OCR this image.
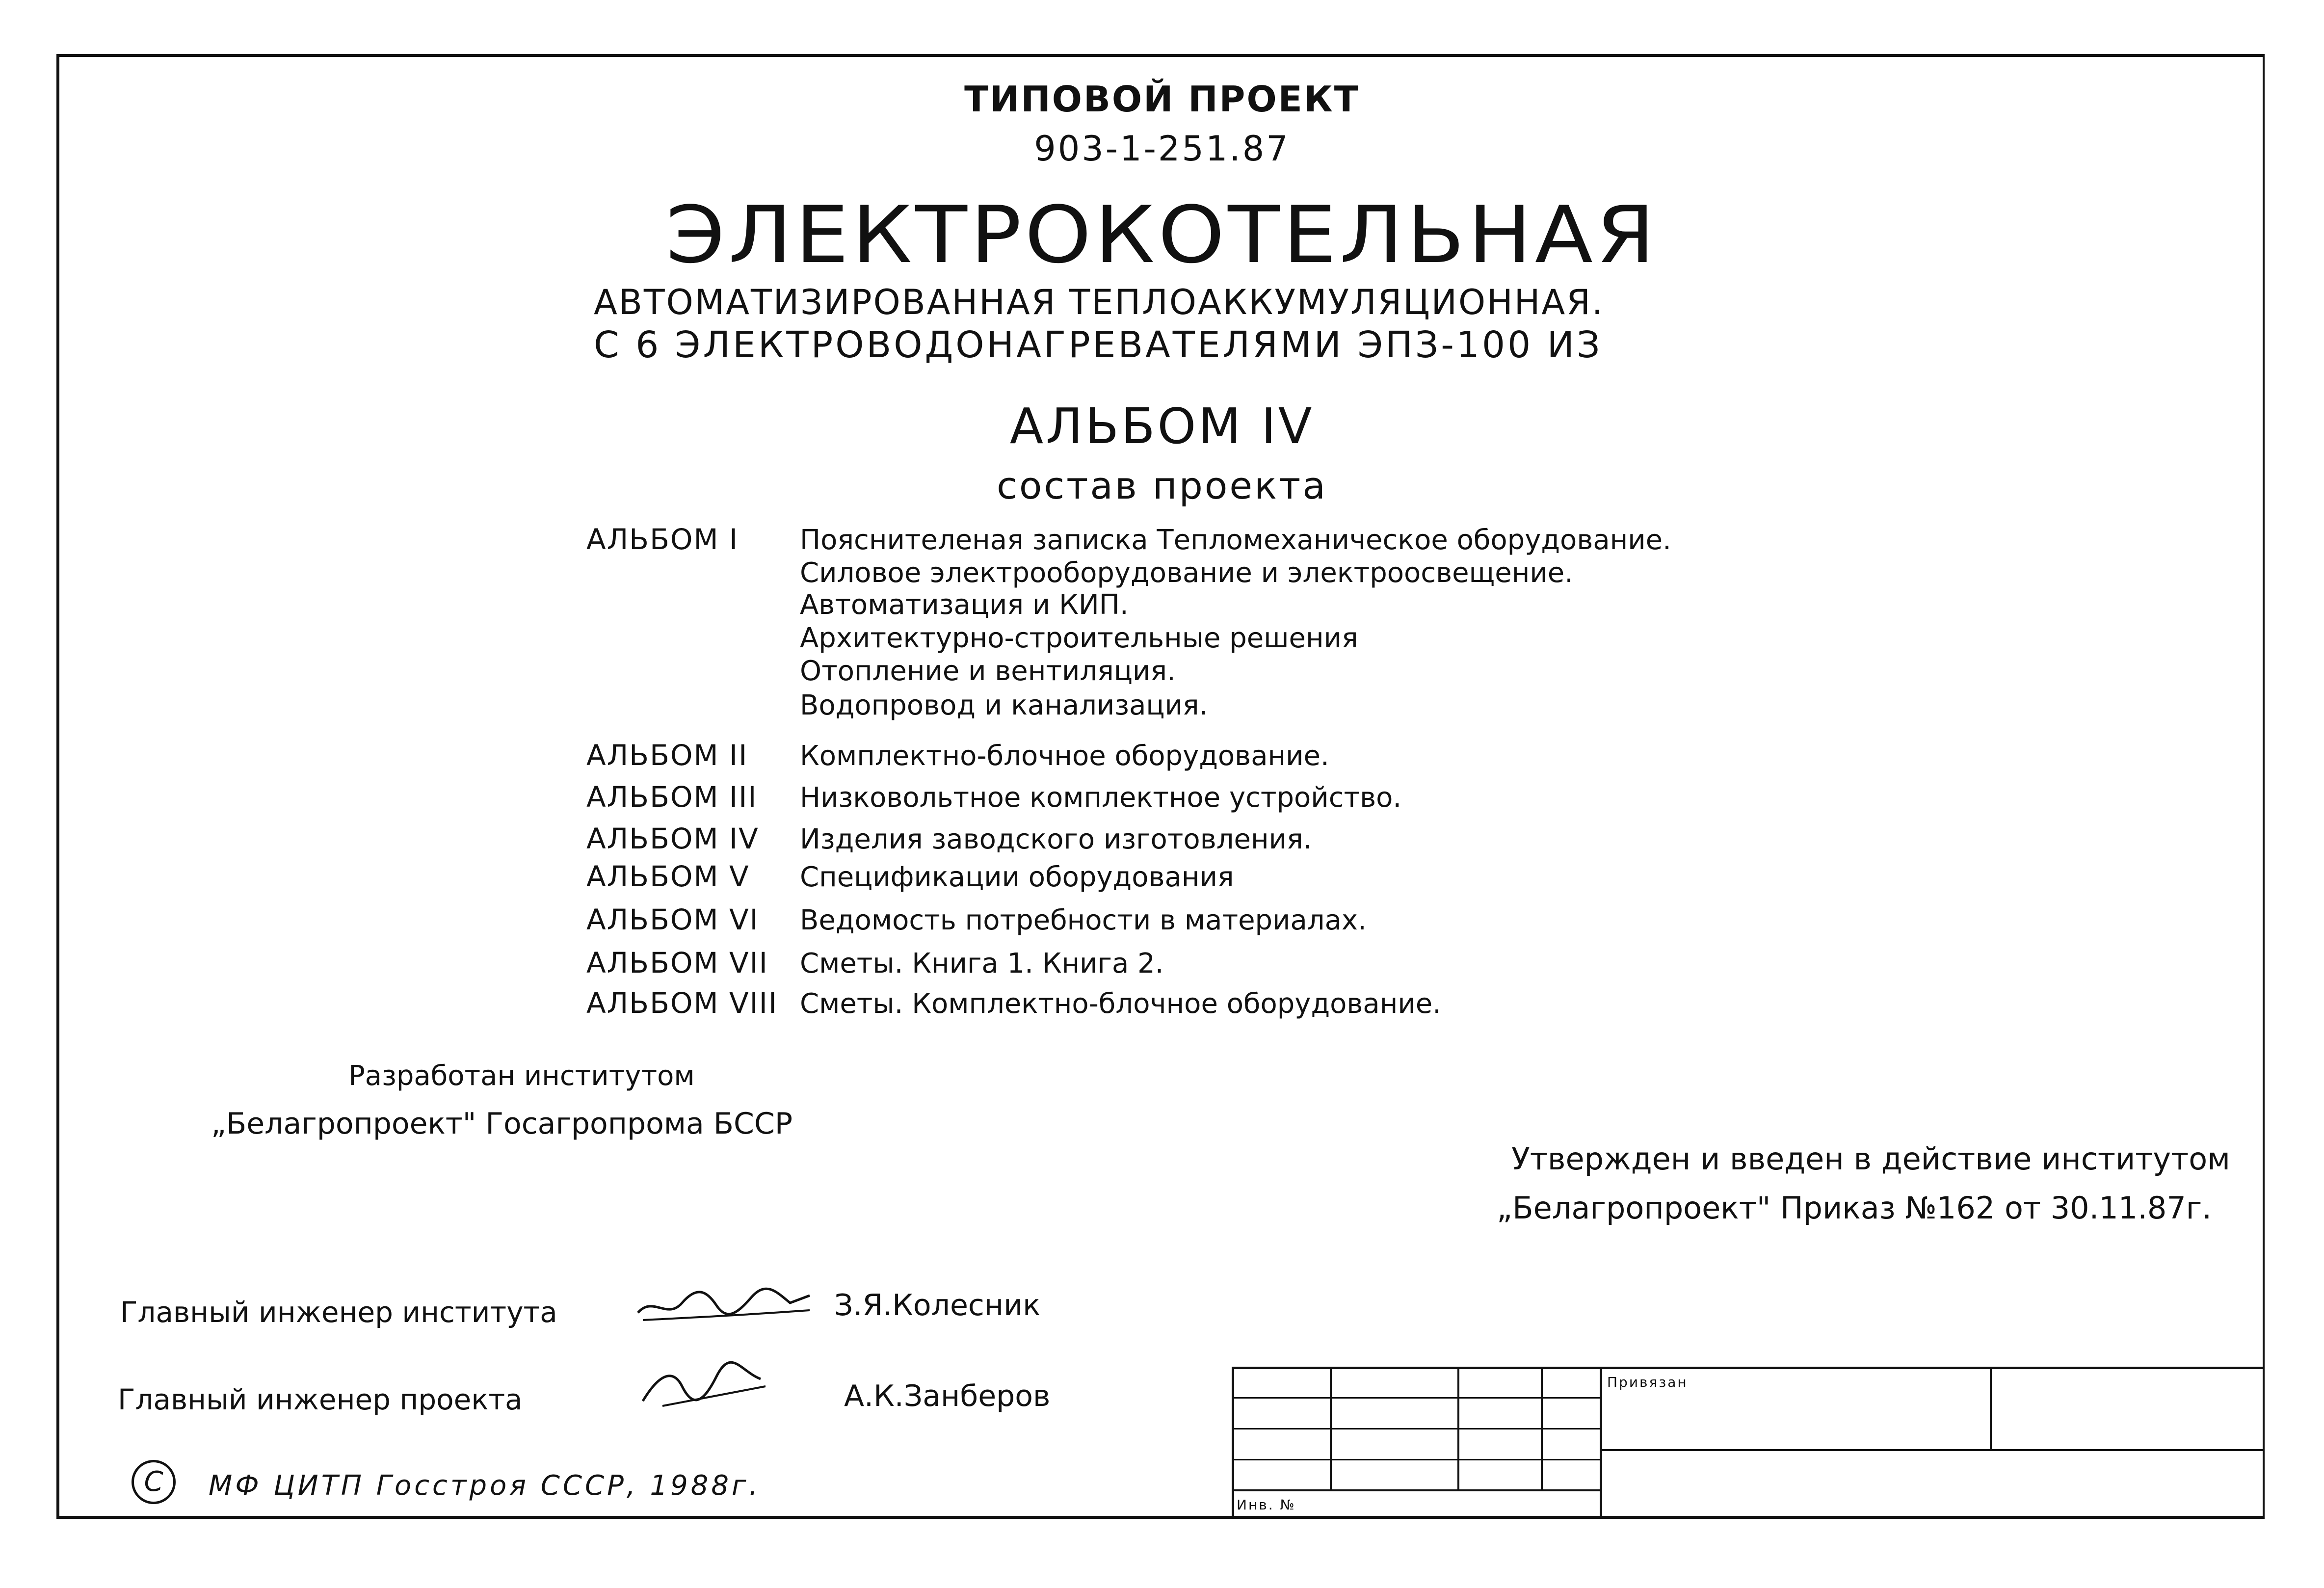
ТИПОВОЙ ПРОЕКТ
903-1-251.87
ЭЛЕКТРОКОТЕЛЬНАЯ
АВТОМАТИЗИРОВАННАЯ ТЕПЛОАККУМУЛЯЦИОННАЯ.
С 6 ЭЛЕКТРОВОДОНАГРЕВАТЕЛЯМИ ЭПЗ-100 ИЗ
АЛЬБОМ IV
состав проекта
АЛЬБОМ I Пояснителеная записка Тепломеханическое оборудование.
Силовое электрооборудование и электроосвещение.
Автоматизация и КИП.
Архитектурно-строительные решения
Отопление и вентиляция.
Водопровод и канализация.
АЛЬБОМ II Комплектно-блочное оборудование.
АЛЬБОМ III Низковольтное комплектное устройство.
АЛЬБОМ IV Изделия заводского изготовления.
АЛЬБОМ V Спецификации оборудования
АЛЬБОМ VI Ведомость потребности в материалах.
АЛЬБОМ VII Сметы. Книга 1. Книга 2.
АЛЬБОМ VIII Сметы. Комплектно-блочное оборудование.
Разработан институтом
„Белагропроект" Госагропрома БССР
Утвержден и введен в действие институтом
„Белагропроект" Приказ №162 от 30.11.87г.
Главный инженер института	З.Я.Колесник
Главный инженер проекта	А.К.Занберов
C	МФ ЦИТП Госстроя СССР, 1988г.
Привязан
Инв. №
